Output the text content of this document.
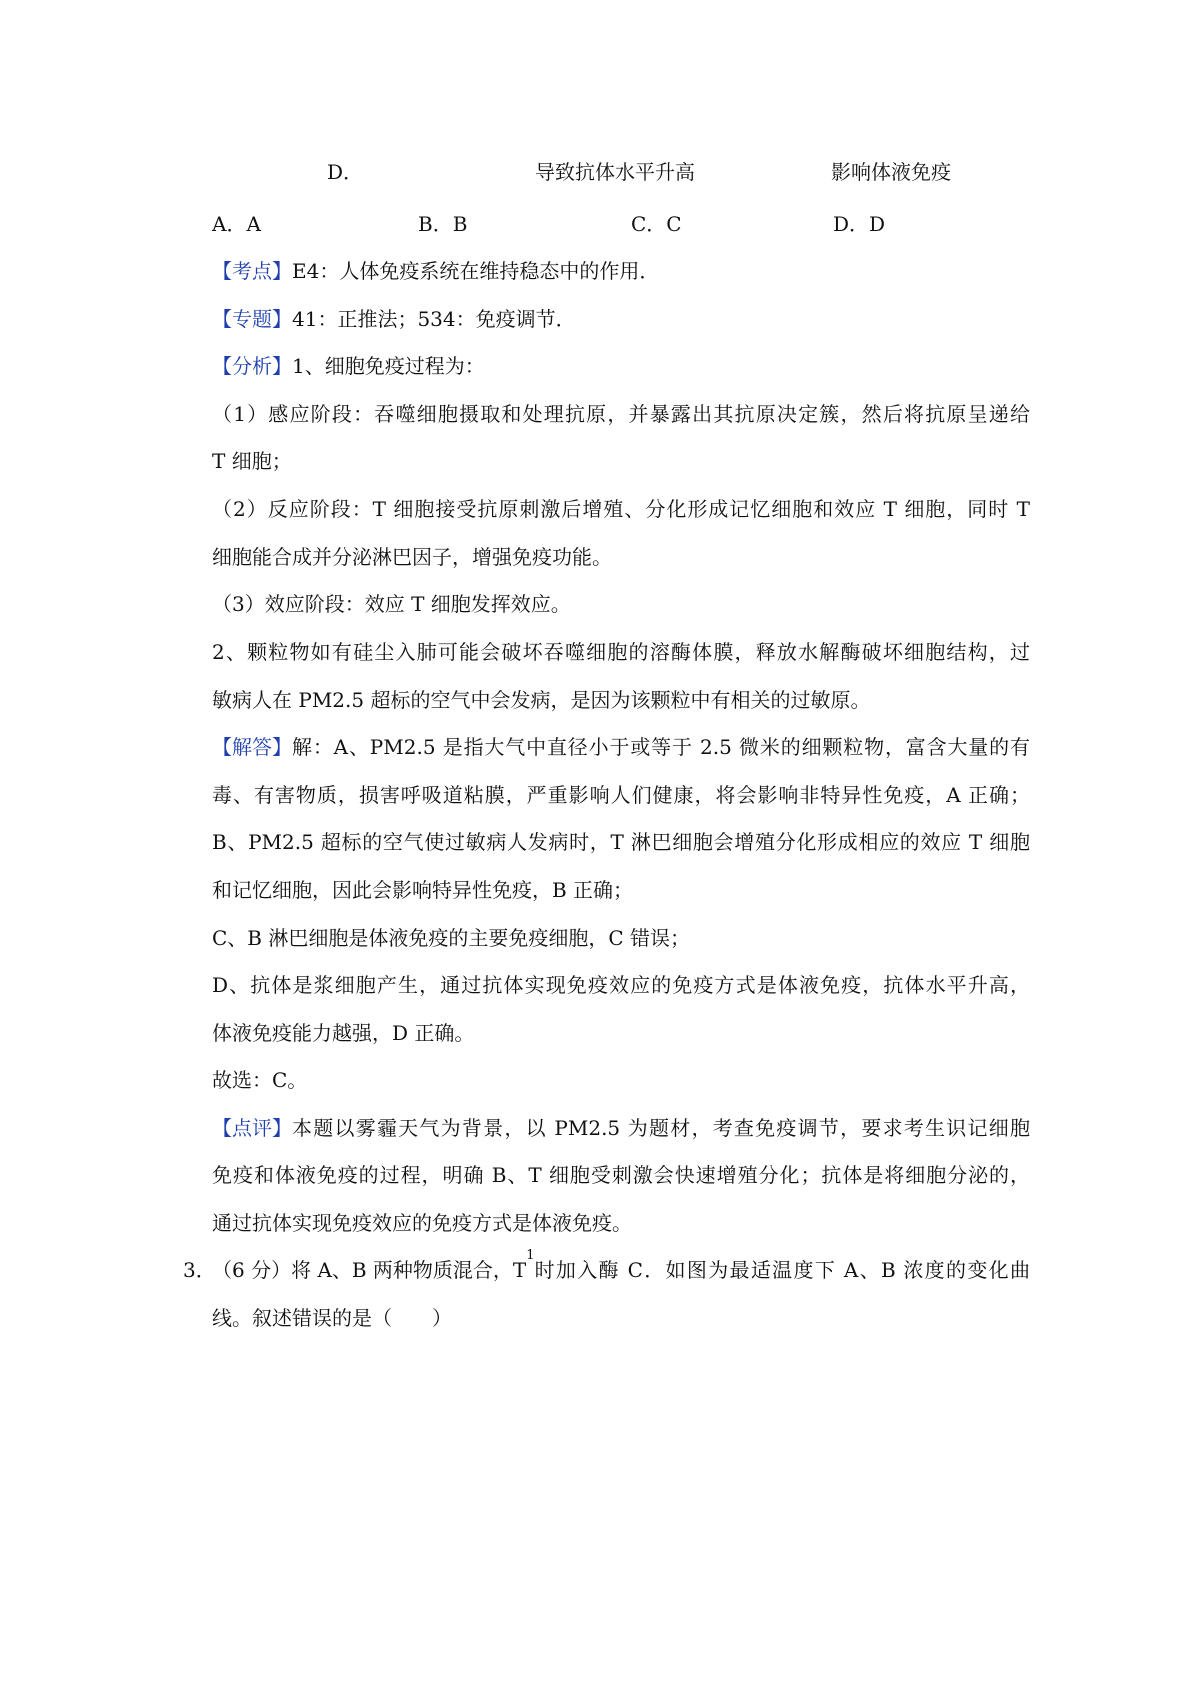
D．	导致抗体水平升高	影响体液免疫
A．A	B．B	C．C	D．D
【考点】E4：人体免疫系统在维持稳态中的作用．
【专题】41：正推法；534：免疫调节．
【分析】1、细胞免疫过程为：
（1）感应阶段：吞噬细胞摄取和处理抗原，并暴露出其抗原决定簇，然后将抗原呈递给
T 细胞；
（2）反应阶段：T 细胞接受抗原刺激后增殖、分化形成记忆细胞和效应 T 细胞，同时 T
细胞能合成并分泌淋巴因子，增强免疫功能。
（3）效应阶段：效应 T 细胞发挥效应。
2、颗粒物如有硅尘入肺可能会破坏吞噬细胞的溶酶体膜，释放水解酶破坏细胞结构，过
敏病人在 PM2.5 超标的空气中会发病，是因为该颗粒中有相关的过敏原。
【解答】 解：A、PM2.5 是指大气中直径小于或等于 2.5 微米的细颗粒物，富含大量的有
毒、有害物质，损害呼吸道粘膜，严重影响人们健康，将会影响非特异性免疫，A 正确；
B、PM2.5 超标的空气使过敏病人发病时，T 淋巴细胞会增殖分化形成相应的效应 T 细胞
和记忆细胞，因此会影响特异性免疫，B 正确；
C、B 淋巴细胞是体液免疫的主要免疫细胞，C 错误；
D、抗体是浆细胞产生，通过抗体实现免疫效应的免疫方式是体液免疫，抗体水平升高，
体液免疫能力越强，D 正确。
故选：C。
【点评】 本题以雾霾天气为背景，以 PM2.5 为题材，考查免疫调节，要求考生识记细胞
免疫和体液免疫的过程，明确 B、T 细胞受刺激会快速增殖分化；抗体是将细胞分泌的，
通过抗体实现免疫效应的免疫方式是体液免疫。
3．
（6 分）将 A、B 两种物质混合，T
1
时加入酶 C．如图为最适温度下 A、B 浓度的变化曲
线。叙述错误的是（　　）
